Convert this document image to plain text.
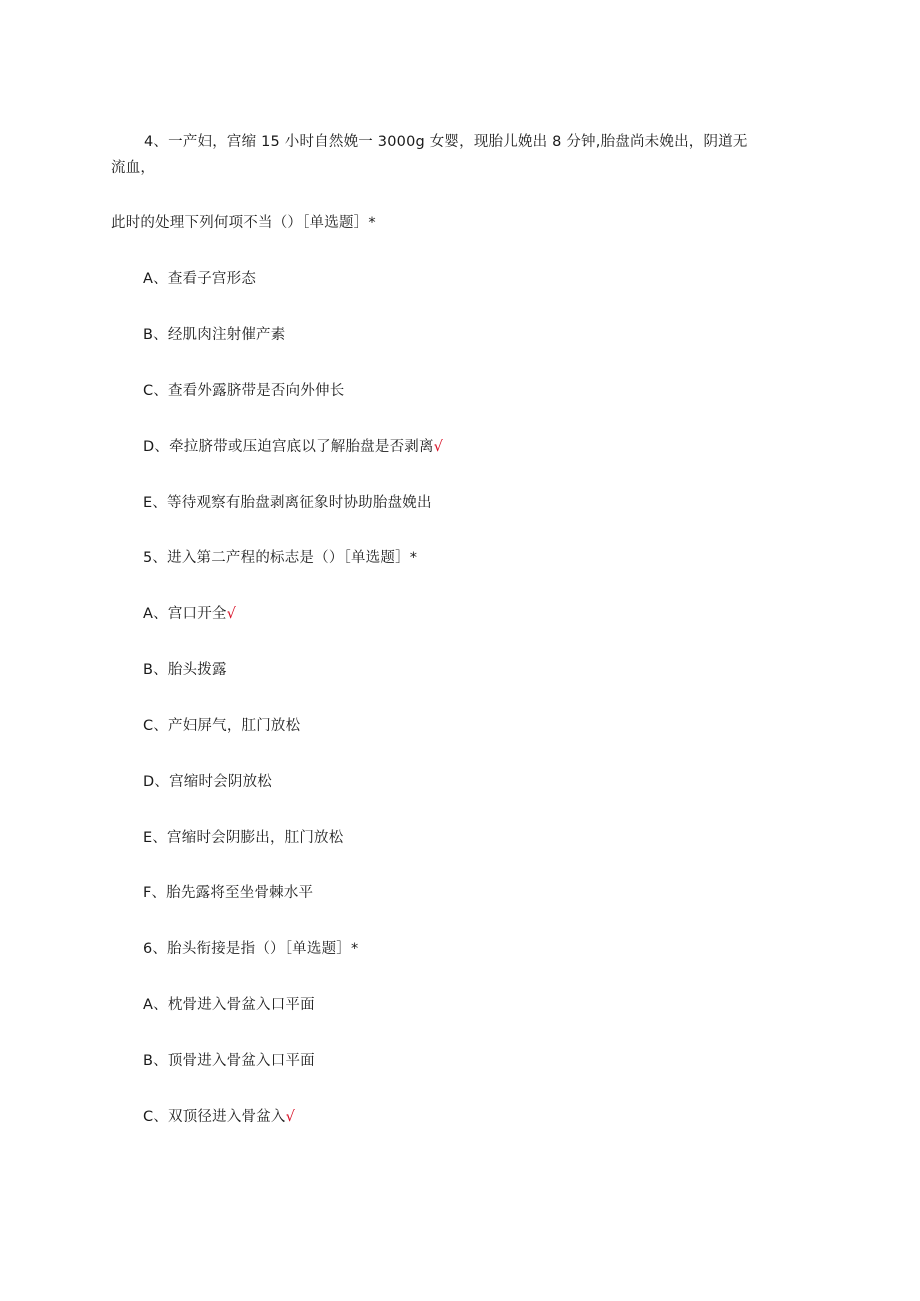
4、一产妇，宫缩 15 小时自然娩一 3000g 女婴，现胎儿娩出 8 分钟,胎盘尚未娩出，阴道无流血，
此时的处理下列何项不当（）［单选题］*
A、查看子宫形态
B、经肌肉注射催产素
C、查看外露脐带是否向外伸长
D、牵拉脐带或压迫宫底以了解胎盘是否剥离√
E、等待观察有胎盘剥离征象时协助胎盘娩出
5、进入第二产程的标志是（）［单选题］*
A、宫口开全√
B、胎头拨露
C、产妇屏气，肛门放松
D、宫缩时会阴放松
E、宫缩时会阴膨出，肛门放松
F、胎先露将至坐骨棘水平
6、胎头衔接是指（）［单选题］*
A、枕骨进入骨盆入口平面
B、顶骨进入骨盆入口平面
C、双顶径进入骨盆入√
